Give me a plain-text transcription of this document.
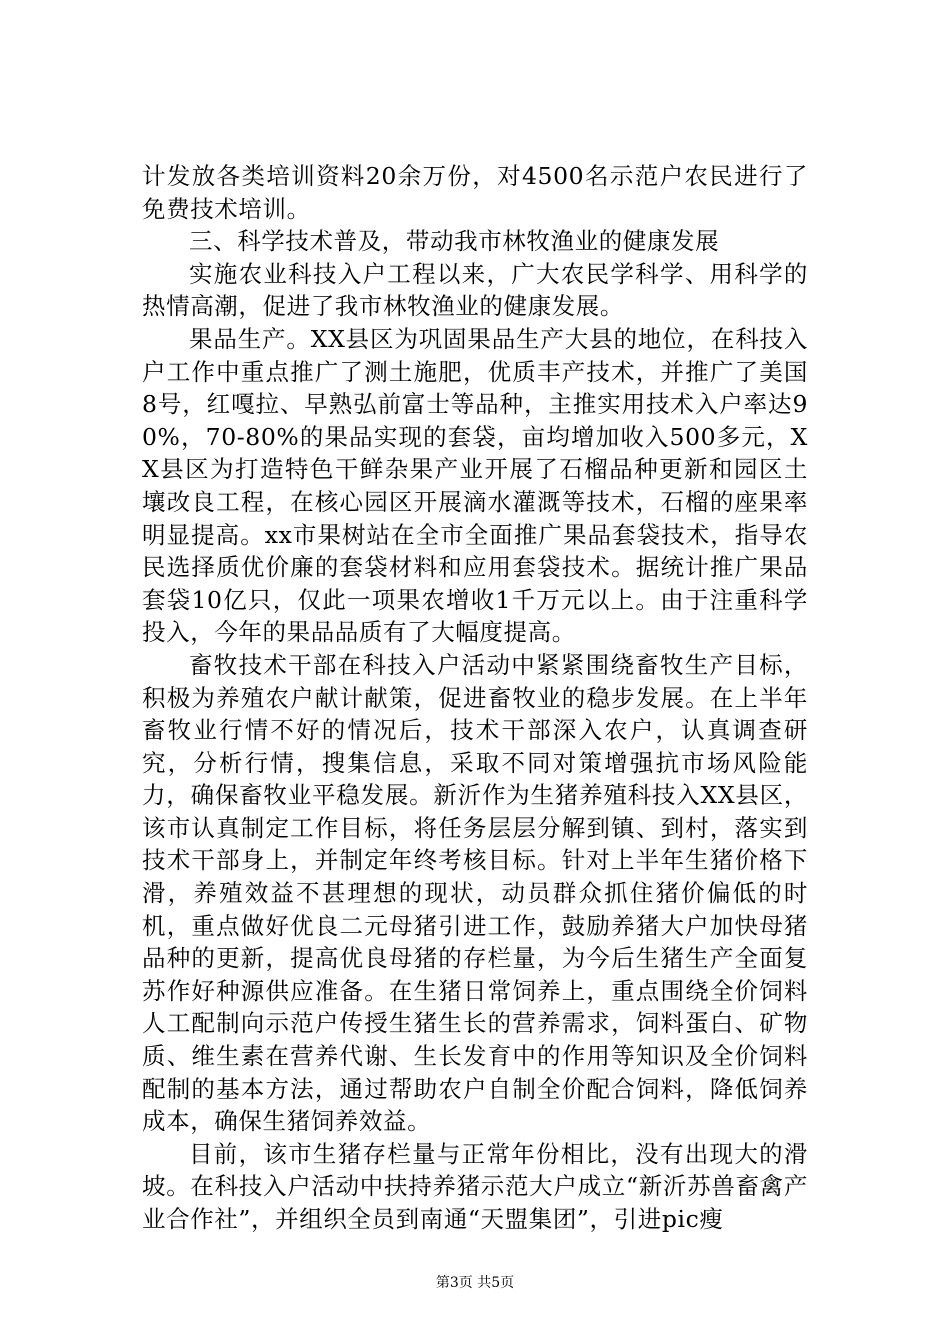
计发放各类培训资料20余万份，对4500名示范户农民进行了免费技术培训。

三、科学技术普及，带动我市林牧渔业的健康发展

实施农业科技入户工程以来，广大农民学科学、用科学的热情高潮，促进了我市林牧渔业的健康发展。

果品生产。XX县区为巩固果品生产大县的地位，在科技入户工作中重点推广了测土施肥，优质丰产技术，并推广了美国8号，红嘎拉、早熟弘前富士等品种，主推实用技术入户率达90%，70-80%的果品实现的套袋，亩均增加收入500多元，XX县区为打造特色干鲜杂果产业开展了石榴品种更新和园区土壤改良工程，在核心园区开展滴水灌溉等技术，石榴的座果率明显提高。xx市果树站在全市全面推广果品套袋技术，指导农民选择质优价廉的套袋材料和应用套袋技术。据统计推广果品套袋10亿只，仅此一项果农增收1千万元以上。由于注重科学投入，今年的果品品质有了大幅度提高。

畜牧技术干部在科技入户活动中紧紧围绕畜牧生产目标，积极为养殖农户献计献策，促进畜牧业的稳步发展。在上半年畜牧业行情不好的情况后，技术干部深入农户，认真调查研究，分析行情，搜集信息，采取不同对策增强抗市场风险能力，确保畜牧业平稳发展。新沂作为生猪养殖科技入XX县区，该市认真制定工作目标，将任务层层分解到镇、到村，落实到技术干部身上，并制定年终考核目标。针对上半年生猪价格下滑，养殖效益不甚理想的现状，动员群众抓住猪价偏低的时机，重点做好优良二元母猪引进工作，鼓励养猪大户加快母猪品种的更新，提高优良母猪的存栏量，为今后生猪生产全面复苏作好种源供应准备。在生猪日常饲养上，重点围绕全价饲料人工配制向示范户传授生猪生长的营养需求，饲料蛋白、矿物质、维生素在营养代谢、生长发育中的作用等知识及全价饲料配制的基本方法，通过帮助农户自制全价配合饲料，降低饲养成本，确保生猪饲养效益。

目前，该市生猪存栏量与正常年份相比，没有出现大的滑坡。在科技入户活动中扶持养猪示范大户成立“新沂苏兽畜禽产业合作社”，并组织全员到南通“天盟集团”，引进pic瘦

第3页 共5页
